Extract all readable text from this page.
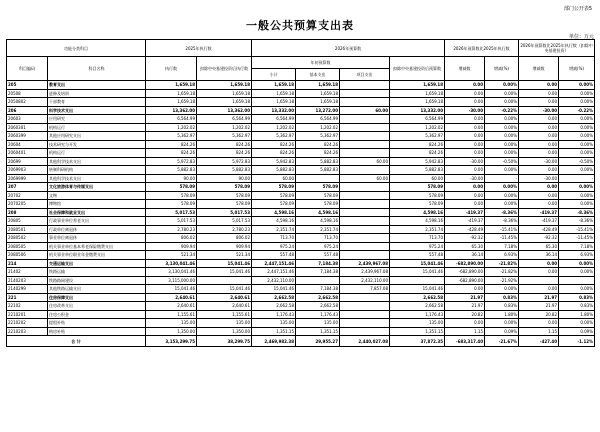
部门公开表5
一般公共预算支出表
单位：万元
功能分类科目		2025年执行数		2026年预算数				2026年预算数比2025年执行数		2026年预算数比2025年执行数（扣除中央基建投资）	
科目编码	科目名称	执行数	扣除中央基建投资后执行数	年初预算数			扣除中央基建投资后预算数	增减数	增减(%)	增减数	增减(%)
				小计	基本支出	项目支出					
205	教育支出	1,659.18	1,659.18	1,659.18	1,659.18		1,659.18	0.00	0.00%	0.00	0.00%
20508	进修及培训	1,659.18	1,659.18	1,659.18	1,659.18		1,659.18	0.00	0.00%	0.00	0.00%
2050802	干部教育	1,659.18	1,659.18	1,659.18	1,659.18		1,659.18	0.00	0.00%	0.00	0.00%
206	科学技术支出	13,362.00	13,362.00	13,332.00	13,272.00	60.00	13,332.00	-30.00	-0.22%	-30.00	-0.22%
20603	应用研究	6,564.99	6,564.99	6,564.99	6,564.99		6,564.99	0.00	0.00%	0.00	0.00%
2060301	机构运行	1,202.02	1,202.02	1,202.02	1,202.02		1,202.02	0.00	0.00%	0.00	0.00%
2060399	其他应用研究支出	5,362.97	5,362.97	5,362.97	5,362.97		5,362.97	0.00	0.00%	0.00	0.00%
20604	技术研究与开发	824.26	824.26	824.26	824.26		824.26	0.00	0.00%	0.00	0.00%
2060401	机构运行	824.26	824.26	824.26	824.26		824.26	0.00	0.00%	0.00	0.00%
20699	其他科学技术支出	5,972.83	5,972.83	5,942.83	5,882.83	60.00	5,942.83	-30.00	-0.50%	-30.00	-0.50%
2069903	转制科研机构	5,882.83	5,882.83	5,882.83	5,882.83		5,882.83	0.00	0.00%	0.00	0.00%
2069999	其他科学技术支出	90.00	90.00	60.00		60.00	60.00	-30.00	-	-30.00	-
207	文化旅游体育与传媒支出	578.09	578.09	578.09	578.09		578.09	0.00	0.00%	0.00	0.00%
20702	文物	578.09	578.09	578.09	578.09		578.09	0.00	0.00%	0.00	0.00%
2070205	博物馆	578.09	578.09	578.09	578.09		578.09	0.00	0.00%	0.00	0.00%
208	社会保障和就业支出	5,017.53	5,017.53	4,598.16	4,598.16		4,598.16	-419.37	-8.36%	-419.37	-8.36%
20805	行政事业单位养老支出	5,017.53	5,017.53	4,598.16	4,598.16		4,598.16	-419.37	-8.36%	-419.37	-8.36%
2080501	行政单位离退休	2,780.23	2,780.23	2,351.74	2,351.74		2,351.74	-428.49	-15.41%	-428.49	-15.41%
2080502	事业单位离退休	806.02	806.02	713.70	713.70		713.70	-92.32	-11.45%	-92.32	-11.45%
2080505	机关事业单位基本养老保险缴费支出	909.94	909.94	975.24	975.24		975.24	65.30	7.18%	65.30	7.18%
2080506	机关事业单位职业年金缴费支出	521.34	521.34	557.48	557.48		557.48	36.14	6.93%	36.14	6.93%
214	交通运输支出	3,130,041.46	15,041.46	2,447,151.46	7,184.38	2,439,967.08	15,041.46	-682,890.00	-21.82%	0.00	0.00%
21402	铁路运输	3,130,041.46	15,041.46	2,447,151.46	7,184.38	2,439,967.08	15,041.46	-682,890.00	-21.82%	0.00	0.00%
2140203	铁路路网建设	3,115,000.00		2,432,110.00		2,432,110.00		-682,890.00	-21.92%		
2140299	其他铁路运输支出	15,041.46	15,041.46	15,041.46	7,184.38	7,857.08	15,041.46	0.00	0.00%	0.00	0.00%
221	住房保障支出	2,640.61	2,640.61	2,662.58	2,662.58		2,662.58	21.97	0.83%	21.97	0.83%
22102	住房改革支出	2,640.61	2,640.61	2,662.58	2,662.58		2,662.58	21.97	0.83%	21.97	0.83%
2210201	住房公积金	1,155.61	1,155.61	1,176.43	1,176.43		1,176.43	20.82	1.80%	20.82	1.80%
2210202	提租补贴	135.00	135.00	135.00	135.00		135.00	0.00	0.00%	0.00	0.00%
2210203	购房补贴	1,350.00	1,350.00	1,351.15	1,351.15		1,351.15	1.15	0.09%	1.15	0.09%
合 计		3,153,299.75	38,299.75	2,469,982.38	29,955.27	2,440,027.08	37,872.35	-683,317.40	-21.67%	-427.40	-1.12%
